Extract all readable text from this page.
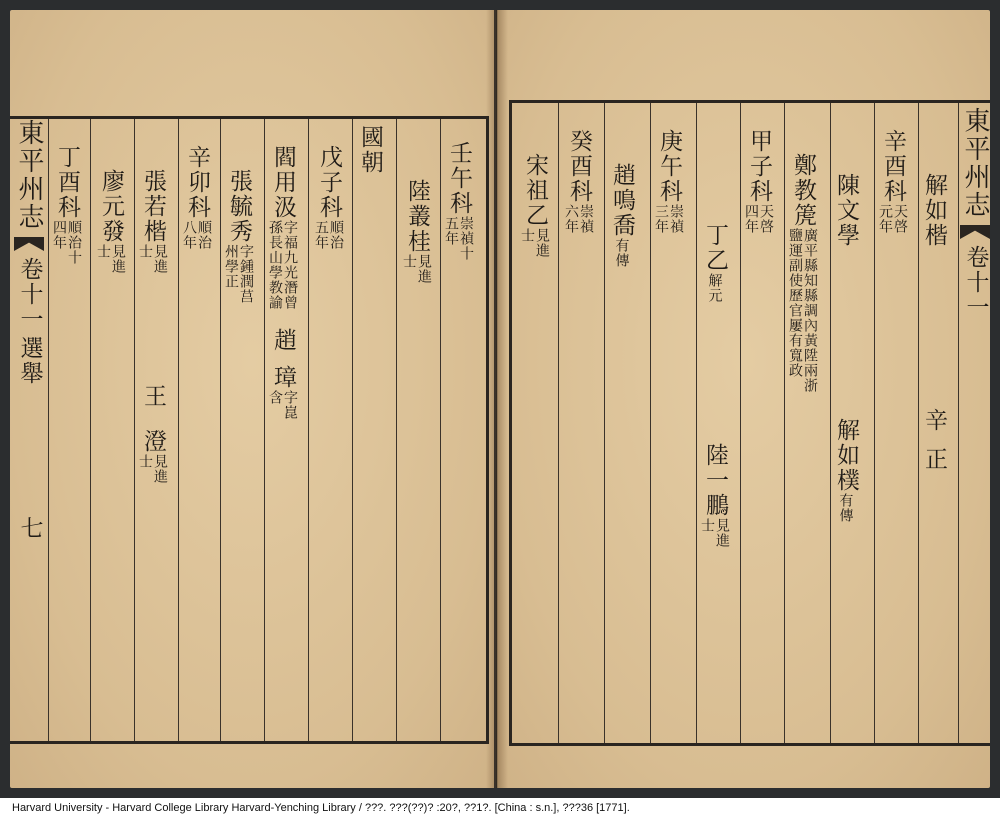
東平州志
卷十一
選舉
七
壬午科
崇禎十
五年
陸叢桂
見進
士
國朝
戊子科
順治
五年
閻用汲
字福九光潛曾
孫長山學教諭
趙
璋
字崑
含
張毓秀
字鍾潤
莒
州學正
辛卯科
順治
八年
張若楷
見進
士
王
澄
見進
士
廖元發
見進
士
丁酉科
順治十
四年
東平州志
卷十一
解如楷
辛
正
辛酉科
天啓
元年
陳文學
解如樸
有傳
鄭教箎
廣平縣知縣調內黃陞兩浙
鹽運副使歷官屢有寬政
甲子科
天啓
四年
丁乙
解元
陸一鵬
見進
士
庚午科
崇禎
三年
趙鳴喬
有傳
癸酉科
崇禎
六年
宋祖乙
見進
士
Harvard University - Harvard College Library Harvard-Yenching Library / ???. ???(??)? :20?, ??1?. [China : s.n.], ???36 [1771].
